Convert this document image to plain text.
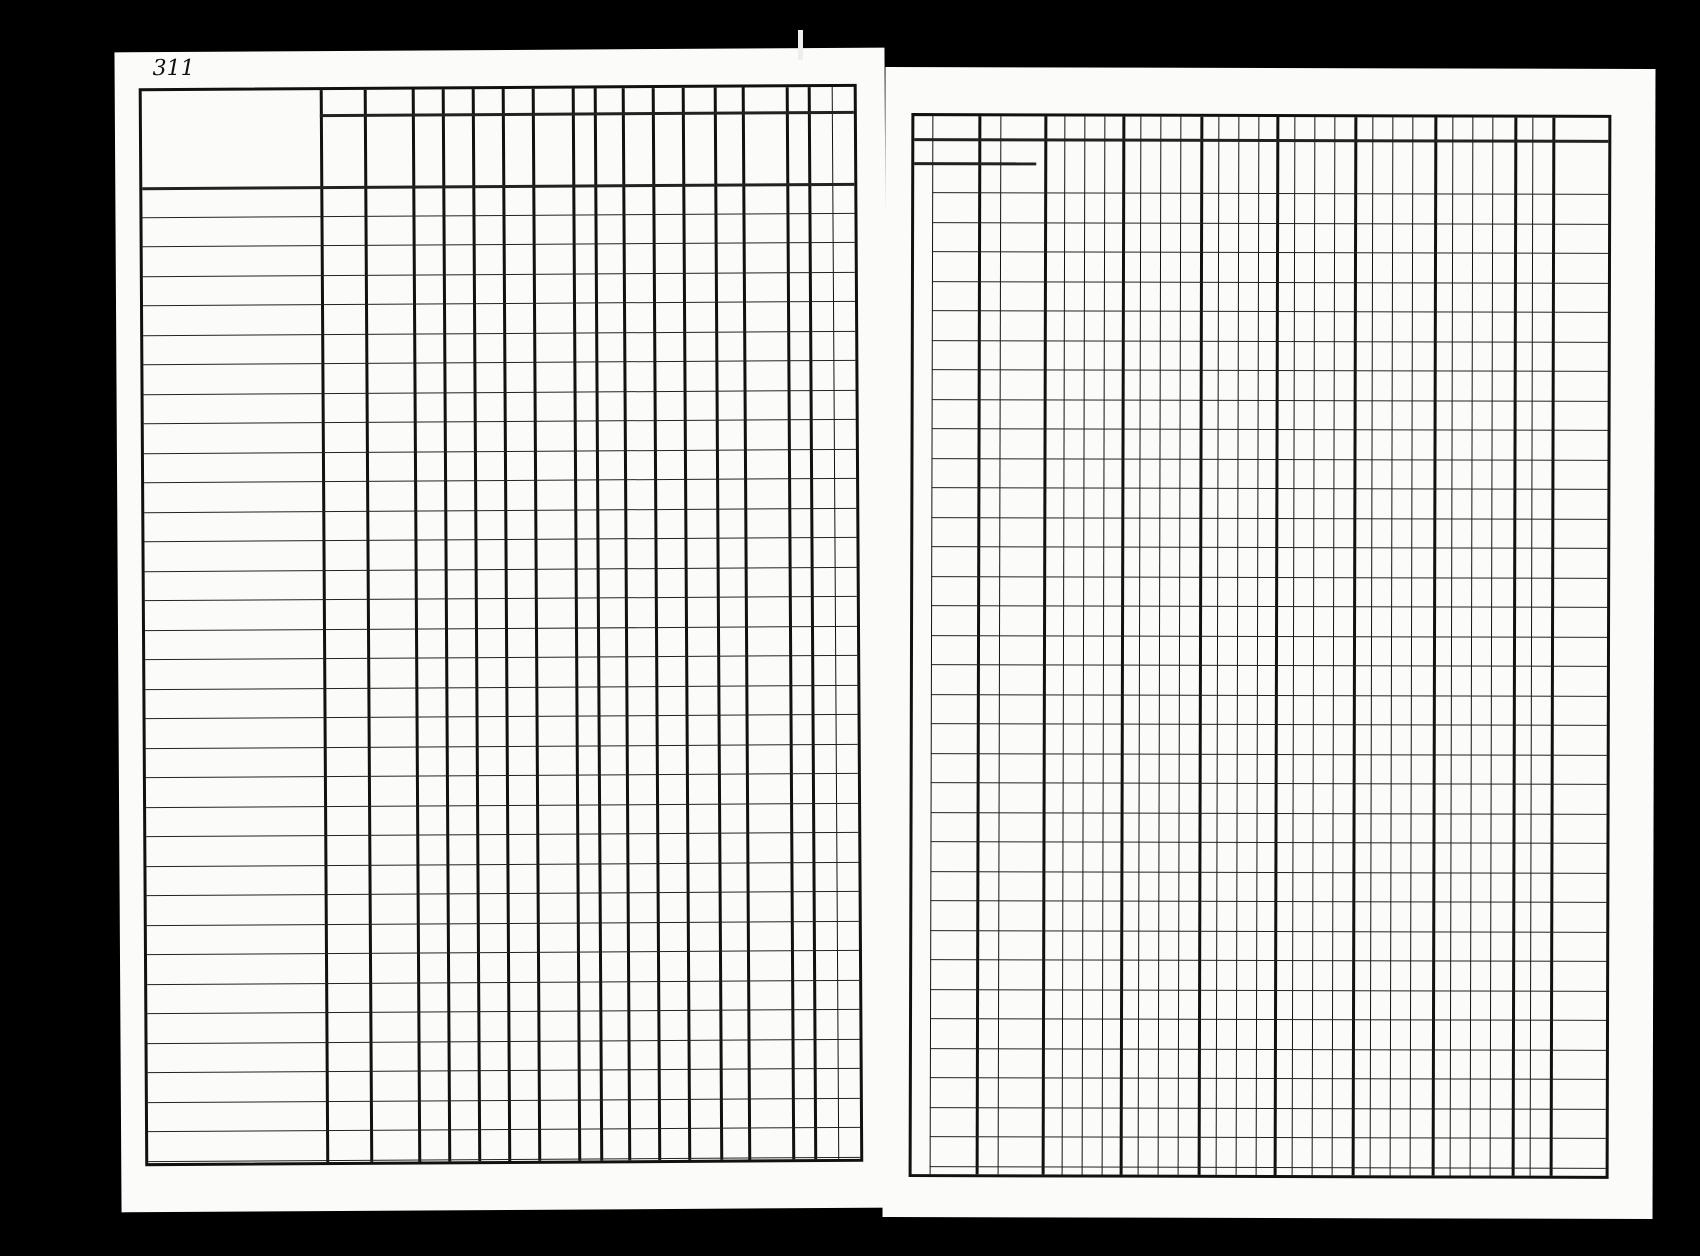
311
